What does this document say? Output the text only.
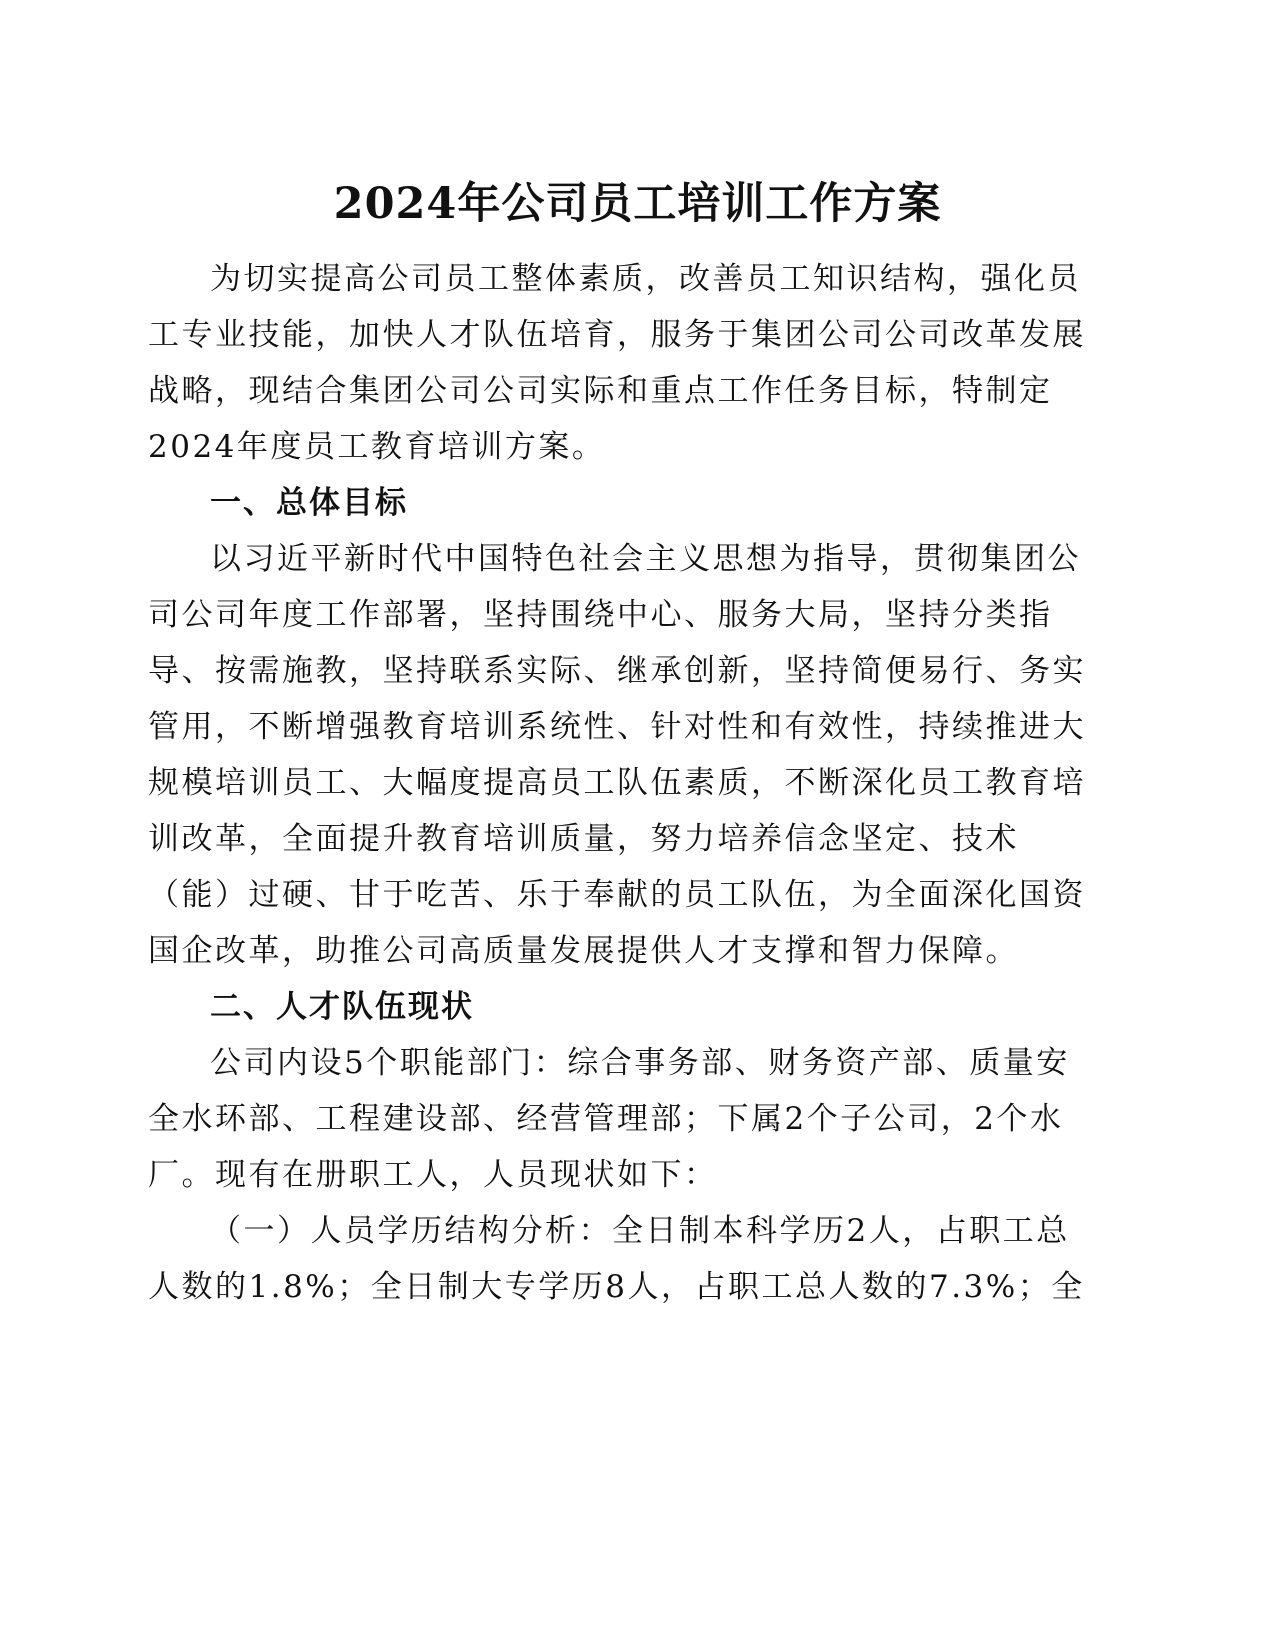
2024年公司员工培训工作方案
为切实提高公司员工整体素质，改善员工知识结构，强化员
工专业技能，加快人才队伍培育，服务于集团公司公司改革发展
战略，现结合集团公司公司实际和重点工作任务目标，特制定
2024年度员工教育培训方案。
一、总体目标
以习近平新时代中国特色社会主义思想为指导，贯彻集团公
司公司年度工作部署，坚持围绕中心、服务大局，坚持分类指
导、按需施教，坚持联系实际、继承创新，坚持简便易行、务实
管用，不断增强教育培训系统性、针对性和有效性，持续推进大
规模培训员工、大幅度提高员工队伍素质，不断深化员工教育培
训改革，全面提升教育培训质量，努力培养信念坚定、技术
（能）过硬、甘于吃苦、乐于奉献的员工队伍，为全面深化国资
国企改革，助推公司高质量发展提供人才支撑和智力保障。
二、人才队伍现状
公司内设5个职能部门：综合事务部、财务资产部、质量安
全水环部、工程建设部、经营管理部；下属2个子公司，2个水
厂。现有在册职工人，人员现状如下：
（一）人员学历结构分析：全日制本科学历2人，占职工总
人数的1.8%；全日制大专学历8人，占职工总人数的7.3%；全
